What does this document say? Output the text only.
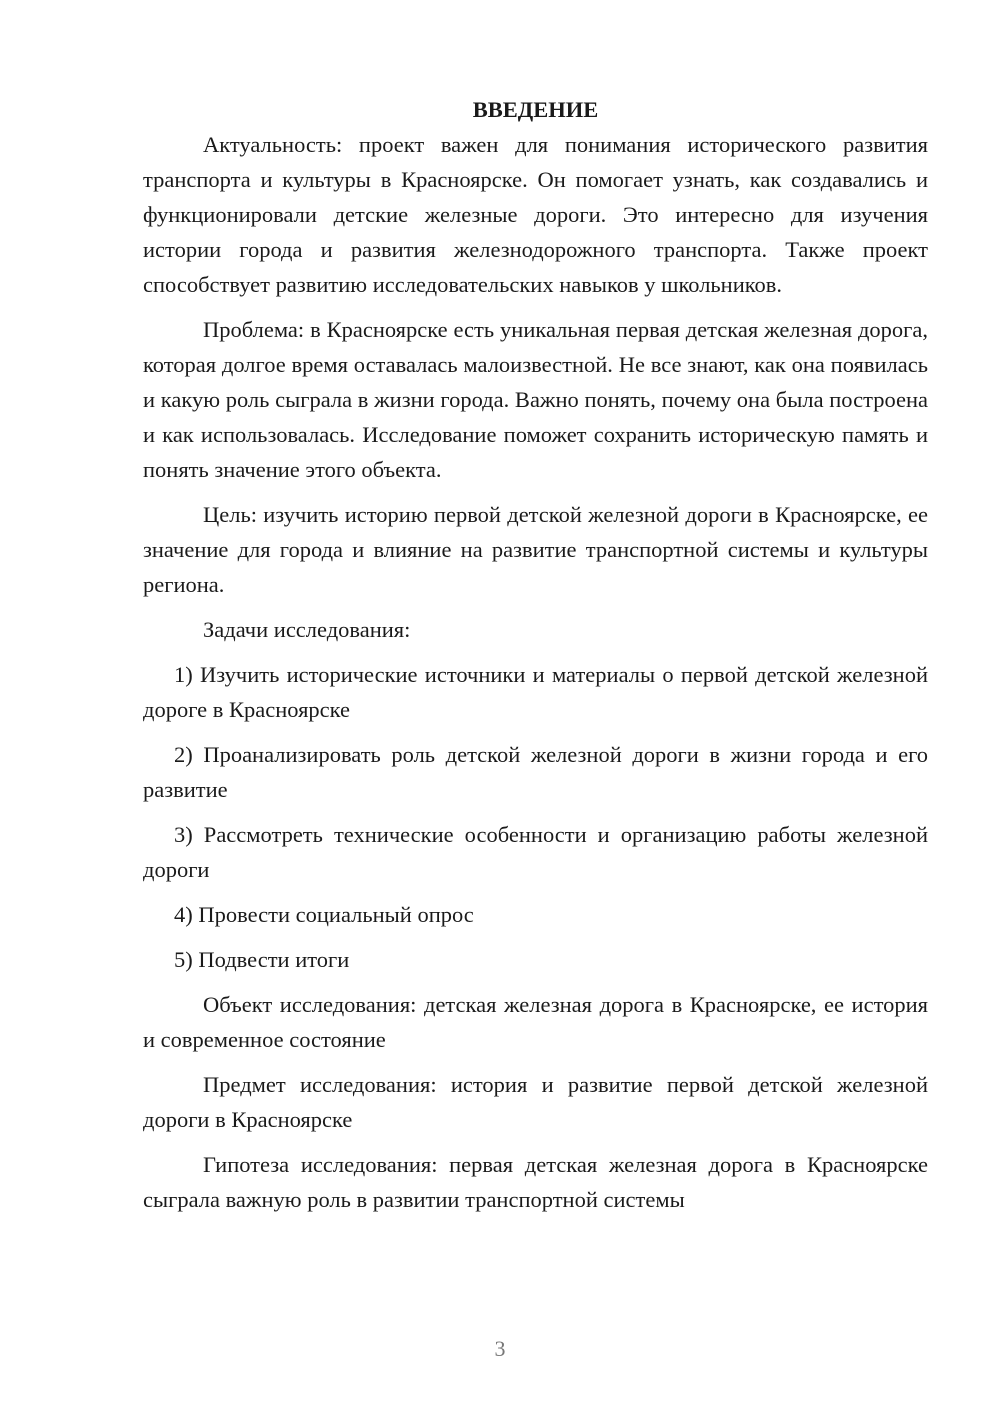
ВВЕДЕНИЕ

Актуальность: проект важен для понимания исторического развития транспорта и культуры в Красноярске. Он помогает узнать, как создавались и функционировали детские железные дороги. Это интересно для изучения истории города и развития железнодорожного транспорта. Также проект способствует развитию исследовательских навыков у школьников.

Проблема: в Красноярске есть уникальная первая детская железная дорога, которая долгое время оставалась малоизвестной. Не все знают, как она появилась и какую роль сыграла в жизни города. Важно понять, почему она была построена и как использовалась. Исследование поможет сохранить историческую память и понять значение этого объекта.

Цель: изучить историю первой детской железной дороги в Красноярске, ее значение для города и влияние на развитие транспортной системы и культуры региона.

Задачи исследования:

1) Изучить исторические источники и материалы о первой детской железной дороге в Красноярске

2) Проанализировать роль детской железной дороги в жизни города и его развитие

3) Рассмотреть технические особенности и организацию работы железной дороги

4) Провести социальный опрос

5) Подвести итоги

Объект исследования: детская железная дорога в Красноярске, ее история и современное состояние

Предмет исследования: история и развитие первой детской железной дороги в Красноярске

Гипотеза исследования: первая детская железная дорога в Красноярске сыграла важную роль в развитии транспортной системы

3
